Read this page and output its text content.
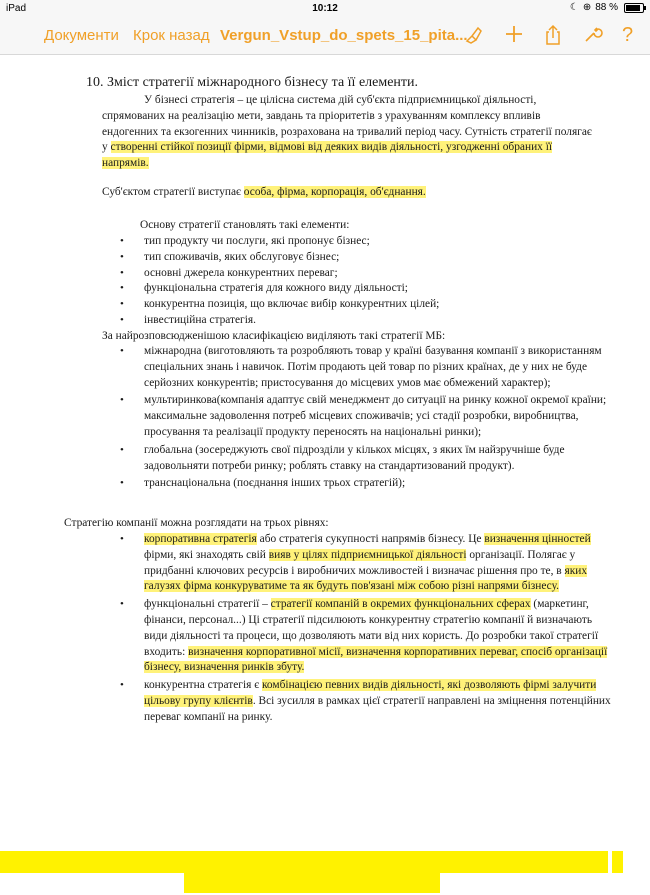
iPad	10:12	☾ ⊕ 88 %
Документи Крок назад Vergun_Vstup_do_spets_15_pita...	?
10. Зміст стратегії міжнародного бізнесу та її елементи.
У бізнесі стратегія – це цілісна система дій суб'єкта підприємницької діяльності, спрямованих на реалізацію мети, завдань та пріоритетів з урахуванням комплексу впливів ендогенних та екзогенних чинників, розрахована на тривалий період часу. Сутність стратегії полягає у створенні стійкої позиції фірми, відмові від деяких видів діяльності, узгодженні обраних її напрямів.
Суб'єктом стратегії виступає особа, фірма, корпорація, об'єднання.
Основу стратегії становлять такі елементи:
• тип продукту чи послуги, які пропонує бізнес;
• тип споживачів, яких обслуговує бізнес;
• основні джерела конкурентних переваг;
• функціональна стратегія для кожного виду діяльності;
• конкурентна позиція, що включає вибір конкурентних цілей;
• інвестиційна стратегія.
За найрозповсюдженішою класифікацією виділяють такі стратегії МБ:
• міжнародна (виготовляють та розробляють товар у країні базування компанії з використанням спеціальних знань і навичок. Потім продають цей товар по різних країнах, де у них не буде серйозних конкурентів; пристосування до місцевих умов має обмежений характер);
• мультиринкова(компанія адаптує свій менеджмент до ситуації на ринку кожної окремої країни; максимальне задоволення потреб місцевих споживачів; усі стадії розробки, виробництва, просування та реалізації продукту переносять на національні ринки);
• глобальна (зосереджують свої підрозділи у кількох місцях, з яких їм найзручніше буде задовольняти потреби ринку; роблять ставку на стандартизований продукт).
• транснаціональна (поєднання інших трьох стратегій);
Стратегію компанії можна розглядати на трьох рівнях:
• корпоративна стратегія або стратегія сукупності напрямів бізнесу. Це визначення цінностей фірми, які знаходять свій вияв у цілях підприємницької діяльності організації. Полягає у придбанні ключових ресурсів і виробничих можливостей і визначає рішення про те, в яких галузях фірма конкуруватиме та як будуть пов'язані між собою різні напрями бізнесу.
• функціональні стратегії – стратегії компаній в окремих функціональних сферах (маркетинг, фінанси, персонал...) Ці стратегії підсилюють конкурентну стратегію компанії й визначають види діяльності та процеси, що дозволяють мати від них користь. До розробки такої стратегії входить: визначення корпоративної місії, визначення корпоративних переваг, спосіб організації бізнесу, визначення ринків збуту.
• конкурентна стратегія є комбінацією певних видів діяльності, які дозволяють фірмі залучити цільову групу клієнтів. Всі зусилля в рамках цієї стратегії направлені на зміцнення потенційних переваг компанії на ринку.
